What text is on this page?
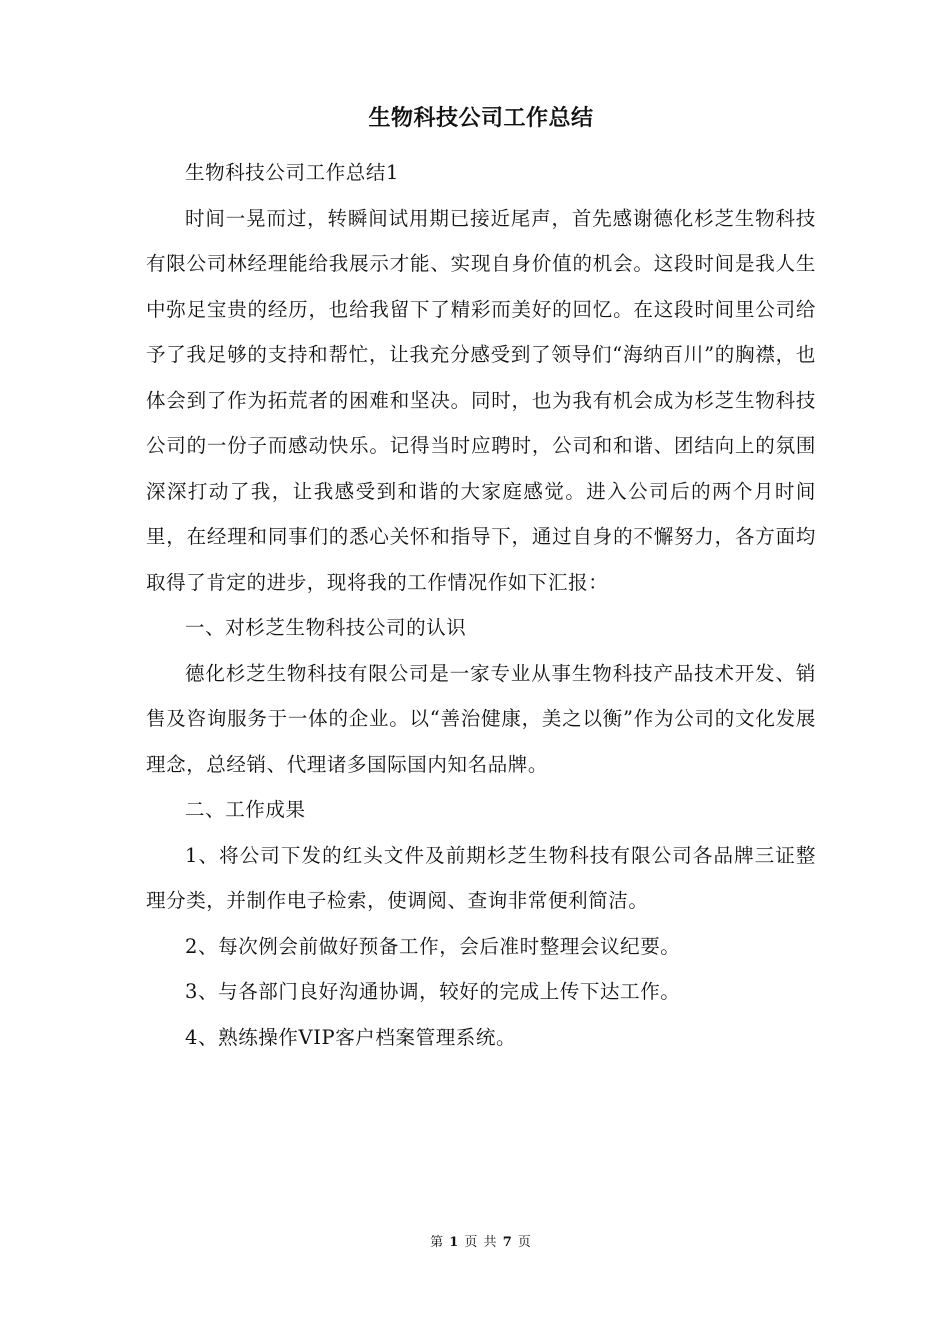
生物科技公司工作总结

生物科技公司工作总结1

时间一晃而过，转瞬间试用期已接近尾声，首先感谢德化杉芝生物科技有限公司林经理能给我展示才能、实现自身价值的机会。这段时间是我人生中弥足宝贵的经历，也给我留下了精彩而美好的回忆。在这段时间里公司给予了我足够的支持和帮忙，让我充分感受到了领导们“海纳百川”的胸襟，也体会到了作为拓荒者的困难和坚决。同时，也为我有机会成为杉芝生物科技公司的一份子而感动快乐。记得当时应聘时，公司和和谐、团结向上的氛围深深打动了我，让我感受到和谐的大家庭感觉。进入公司后的两个月时间里，在经理和同事们的悉心关怀和指导下，通过自身的不懈努力，各方面均取得了肯定的进步，现将我的工作情况作如下汇报：

一、对杉芝生物科技公司的认识

德化杉芝生物科技有限公司是一家专业从事生物科技产品技术开发、销售及咨询服务于一体的企业。以“善治健康，美之以衡”作为公司的文化发展理念，总经销、代理诸多国际国内知名品牌。

二、工作成果

1、将公司下发的红头文件及前期杉芝生物科技有限公司各品牌三证整理分类，并制作电子检索，使调阅、查询非常便利简洁。

2、每次例会前做好预备工作，会后准时整理会议纪要。

3、与各部门良好沟通协调，较好的完成上传下达工作。

4、熟练操作VIP客户档案管理系统。

第 1 页 共 7 页
